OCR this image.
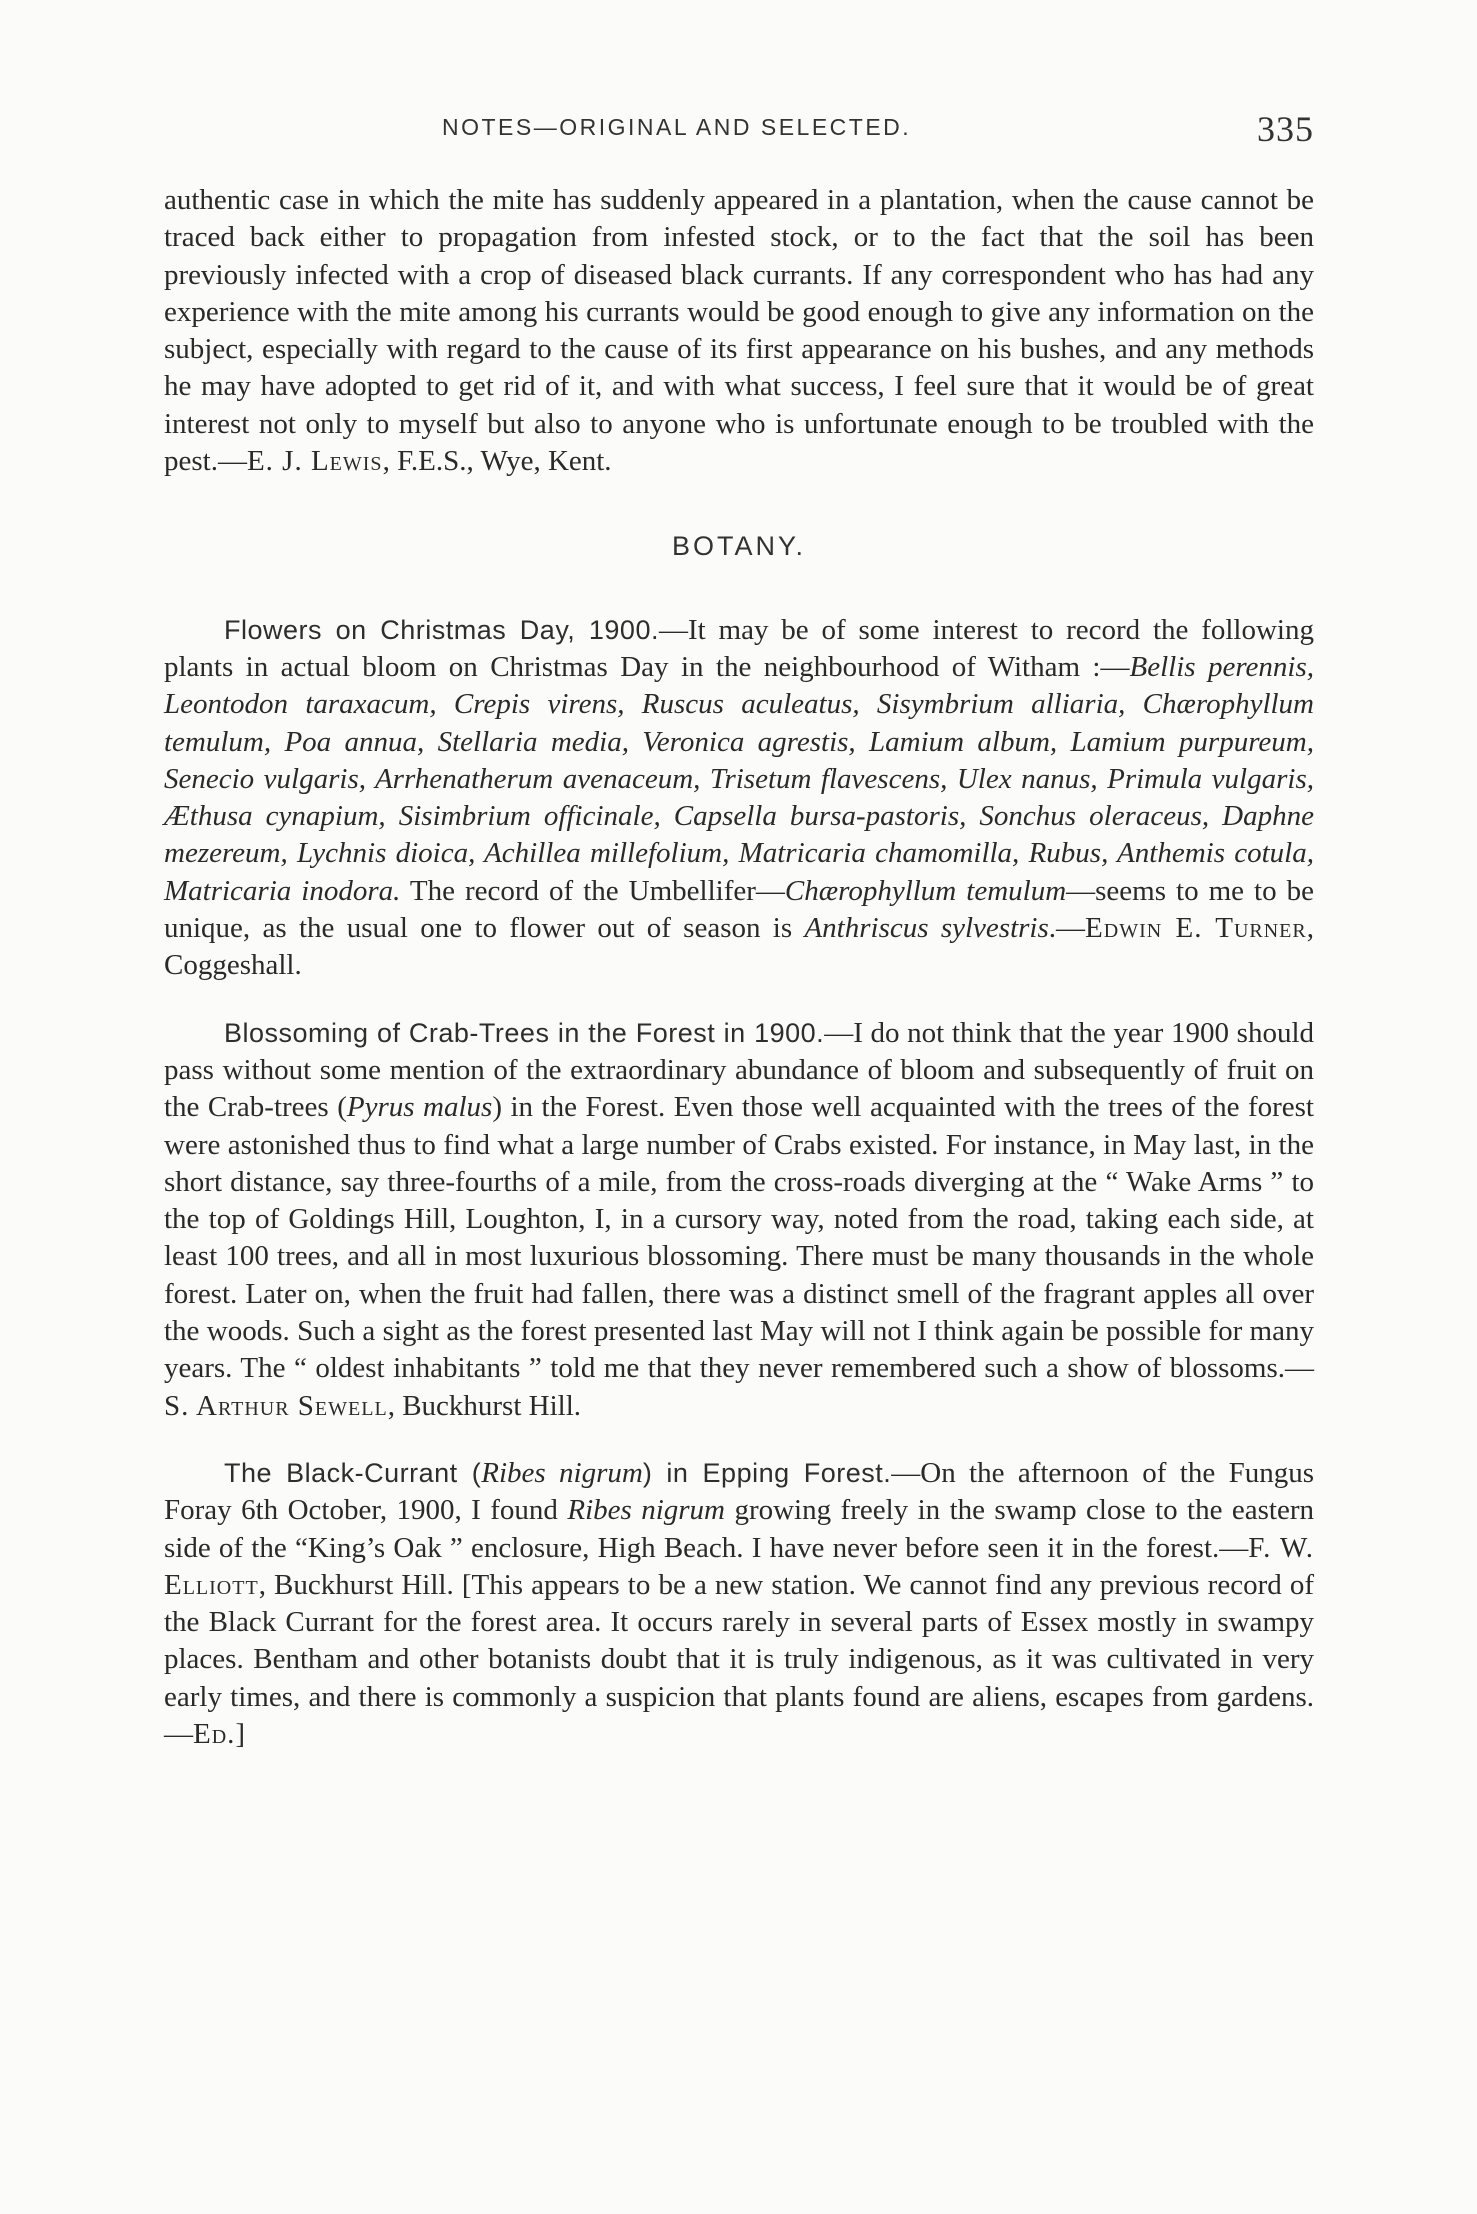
NOTES—ORIGINAL AND SELECTED.	335

authentic case in which the mite has suddenly appeared in a plantation, when the cause cannot be traced back either to propagation from infested stock, or to the fact that the soil has been previously infected with a crop of diseased black currants. If any correspondent who has had any experience with the mite among his currants would be good enough to give any information on the subject, especially with regard to the cause of its first appearance on his bushes, and any methods he may have adopted to get rid of it, and with what success, I feel sure that it would be of great interest not only to myself but also to anyone who is unfortunate enough to be troubled with the pest.—E. J. Lewis, F.E.S., Wye, Kent.

BOTANY.

Flowers on Christmas Day, 1900.—It may be of some interest to record the following plants in actual bloom on Christmas Day in the neighbourhood of Witham :—Bellis perennis, Leontodon taraxacum, Crepis virens, Ruscus aculeatus, Sisymbrium alliaria, Chærophyllum temulum, Poa annua, Stellaria media, Veronica agrestis, Lamium album, Lamium purpureum, Senecio vulgaris, Arrhenatherum avenaceum, Trisetum flavescens, Ulex nanus, Primula vulgaris, Æthusa cynapium, Sisimbrium officinale, Capsella bursa-pastoris, Sonchus oleraceus, Daphne mezereum, Lychnis dioica, Achillea millefolium, Matricaria chamomilla, Rubus, Anthemis cotula, Matricaria inodora. The record of the Umbellifer—Chærophyllum temulum—seems to me to be unique, as the usual one to flower out of season is Anthriscus sylvestris.—Edwin E. Turner, Coggeshall.

Blossoming of Crab-Trees in the Forest in 1900.—I do not think that the year 1900 should pass without some mention of the extraordinary abundance of bloom and subsequently of fruit on the Crab-trees (Pyrus malus) in the Forest. Even those well acquainted with the trees of the forest were astonished thus to find what a large number of Crabs existed. For instance, in May last, in the short distance, say three-fourths of a mile, from the cross-roads diverging at the “ Wake Arms ” to the top of Goldings Hill, Loughton, I, in a cursory way, noted from the road, taking each side, at least 100 trees, and all in most luxurious blossoming. There must be many thousands in the whole forest. Later on, when the fruit had fallen, there was a distinct smell of the fragrant apples all over the woods. Such a sight as the forest presented last May will not I think again be possible for many years. The “ oldest inhabitants ” told me that they never remembered such a show of blossoms.— S. Arthur Sewell, Buckhurst Hill.

The Black-Currant (Ribes nigrum) in Epping Forest.—On the afternoon of the Fungus Foray 6th October, 1900, I found Ribes nigrum growing freely in the swamp close to the eastern side of the “King’s Oak ” enclosure, High Beach. I have never before seen it in the forest.—F. W. Elliott, Buckhurst Hill. [This appears to be a new station. We cannot find any previous record of the Black Currant for the forest area. It occurs rarely in several parts of Essex mostly in swampy places. Bentham and other botanists doubt that it is truly indigenous, as it was cultivated in very early times, and there is commonly a suspicion that plants found are aliens, escapes from gardens.—Ed.]
